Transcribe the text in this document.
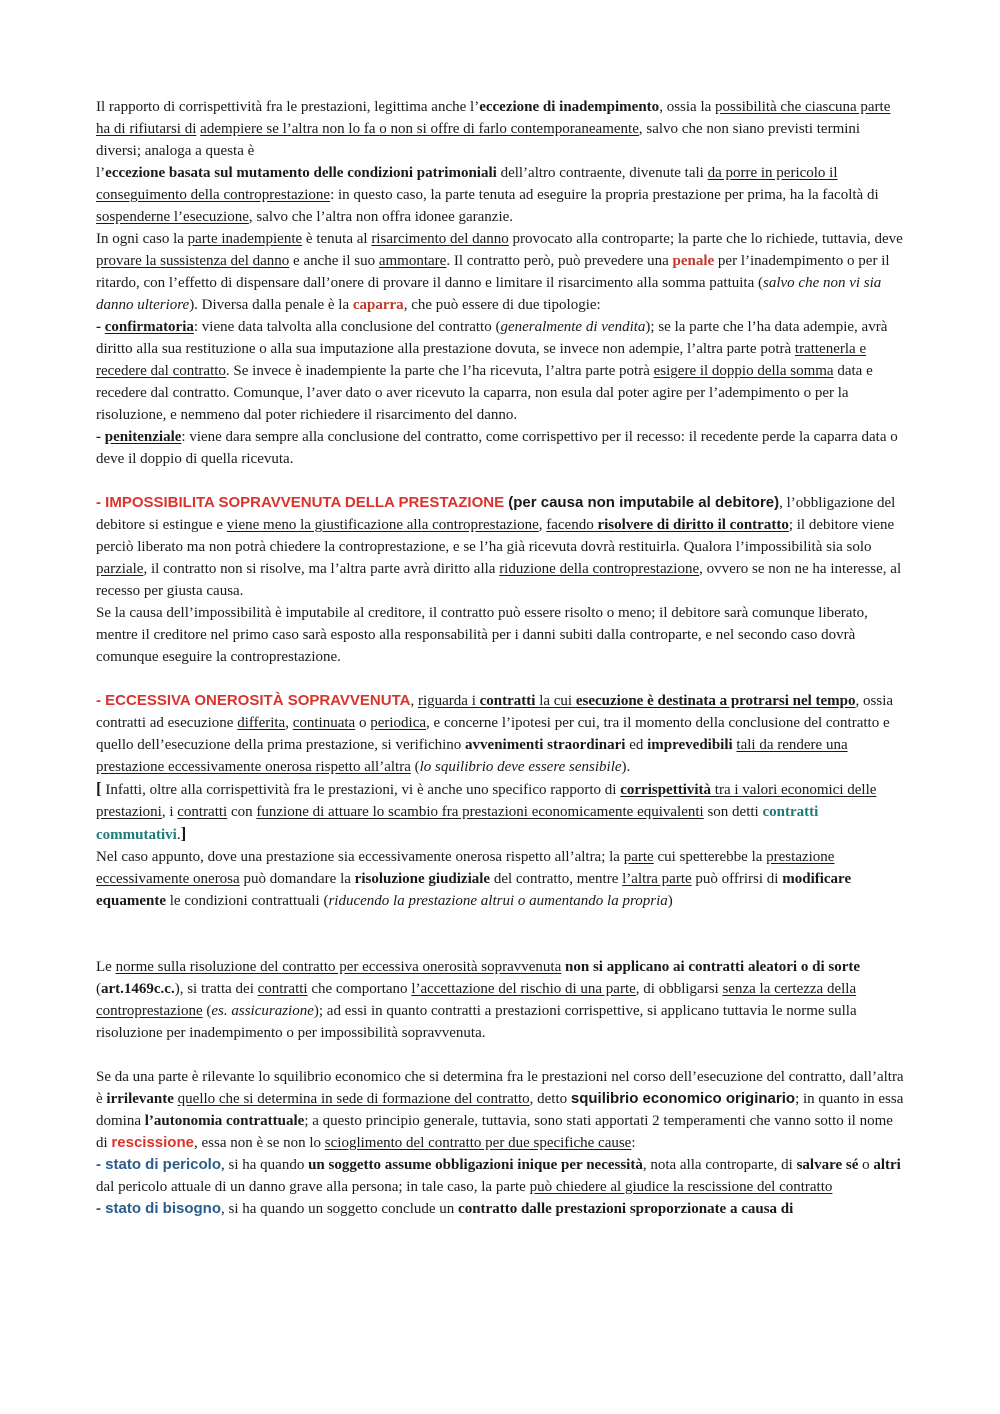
Il rapporto di corrispettività fra le prestazioni, legittima anche l’eccezione di inadempimento, ossia la possibilità che ciascuna parte ha di rifiutarsi di adempiere se l’altra non lo fa o non si offre di farlo contemporaneamente, salvo che non siano previsti termini diversi; analoga a questa è
l’eccezione basata sul mutamento delle condizioni patrimoniali dell’altro contraente, divenute tali da porre in pericolo il conseguimento della controprestazione: in questo caso, la parte tenuta ad eseguire la propria prestazione per prima, ha la facoltà di sospenderne l’esecuzione, salvo che l’altra non offra idonee garanzie.

In ogni caso la parte inadempiente è tenuta al risarcimento del danno provocato alla controparte; la parte che lo richiede, tuttavia, deve provare la sussistenza del danno e anche il suo ammontare. Il contratto però, può prevedere una penale per l’inadempimento o per il ritardo, con l’effetto di dispensare dall’onere di provare il danno e limitare il risarcimento alla somma pattuita (salvo che non vi sia danno ulteriore). Diversa dalla penale è la caparra, che può essere di due tipologie:

- confirmatoria: viene data talvolta alla conclusione del contratto (generalmente di vendita); se la parte che l’ha data adempie, avrà diritto alla sua restituzione o alla sua imputazione alla prestazione dovuta, se invece non adempie, l’altra parte potrà trattenerla e recedere dal contratto. Se invece è inadempiente la parte che l’ha ricevuta, l’altra parte potrà esigere il doppio della somma data e recedere dal contratto. Comunque, l’aver dato o aver ricevuto la caparra, non esula dal poter agire per l’adempimento o per la risoluzione, e nemmeno dal poter richiedere il risarcimento del danno.

- penitenziale: viene dara sempre alla conclusione del contratto, come corrispettivo per il recesso: il recedente perde la caparra data o deve il doppio di quella ricevuta.

- IMPOSSIBILITA SOPRAVVENUTA DELLA PRESTAZIONE (per causa non imputabile al debitore), l’obbligazione del debitore si estingue e viene meno la giustificazione alla controprestazione, facendo risolvere di diritto il contratto; il debitore viene perciò liberato ma non potrà chiedere la controprestazione, e se l’ha già ricevuta dovrà restituirla. Qualora l’impossibilità sia solo parziale, il contratto non si risolve, ma l’altra parte avrà diritto alla riduzione della controprestazione, ovvero se non ne ha interesse, al recesso per giusta causa.

Se la causa dell’impossibilità è imputabile al creditore, il contratto può essere risolto o meno; il debitore sarà comunque liberato, mentre il creditore nel primo caso sarà esposto alla responsabilità per i danni subiti dalla controparte, e nel secondo caso dovrà comunque eseguire la controprestazione.

- ECCESSIVA ONEROSITÀ SOPRAVVENUTA, riguarda i contratti la cui esecuzione è destinata a protrarsi nel tempo, ossia contratti ad esecuzione differita, continuata o periodica, e concerne l’ipotesi per cui, tra il momento della conclusione del contratto e quello dell’esecuzione della prima prestazione, si verifichino avvenimenti straordinari ed imprevedibili tali da rendere una prestazione eccessivamente onerosa rispetto all’altra (lo squilibrio deve essere sensibile).

[ Infatti, oltre alla corrispettività fra le prestazioni, vi è anche uno specifico rapporto di corrispettività tra i valori economici delle prestazioni, i contratti con funzione di attuare lo scambio fra prestazioni economicamente equivalenti son detti contratti commutativi.]

Nel caso appunto, dove una prestazione sia eccessivamente onerosa rispetto all’altra; la parte cui spetterebbe la prestazione eccessivamente onerosa può domandare la risoluzione giudiziale del contratto, mentre l’altra parte può offrirsi di modificare equamente le condizioni contrattuali (riducendo la prestazione altrui o aumentando la propria)

Le norme sulla risoluzione del contratto per eccessiva onerosità sopravvenuta non si applicano ai contratti aleatori o di sorte (art.1469c.c.), si tratta dei contratti che comportano l’accettazione del rischio di una parte, di obbligarsi senza la certezza della controprestazione (es. assicurazione); ad essi in quanto contratti a prestazioni corrispettive, si applicano tuttavia le norme sulla risoluzione per inadempimento o per impossibilità sopravvenuta.

Se da una parte è rilevante lo squilibrio economico che si determina fra le prestazioni nel corso dell’esecuzione del contratto, dall’altra è irrilevante quello che si determina in sede di formazione del contratto, detto squilibrio economico originario; in quanto in essa domina l’autonomia contrattuale; a questo principio generale, tuttavia, sono stati apportati 2 temperamenti che vanno sotto il nome di rescissione, essa non è se non lo scioglimento del contratto per due specifiche cause:

- stato di pericolo, si ha quando un soggetto assume obbligazioni inique per necessità, nota alla controparte, di salvare sé o altri dal pericolo attuale di un danno grave alla persona; in tale caso, la parte può chiedere al giudice la rescissione del contratto

- stato di bisogno, si ha quando un soggetto conclude un contratto dalle prestazioni sproporzionate a causa di
